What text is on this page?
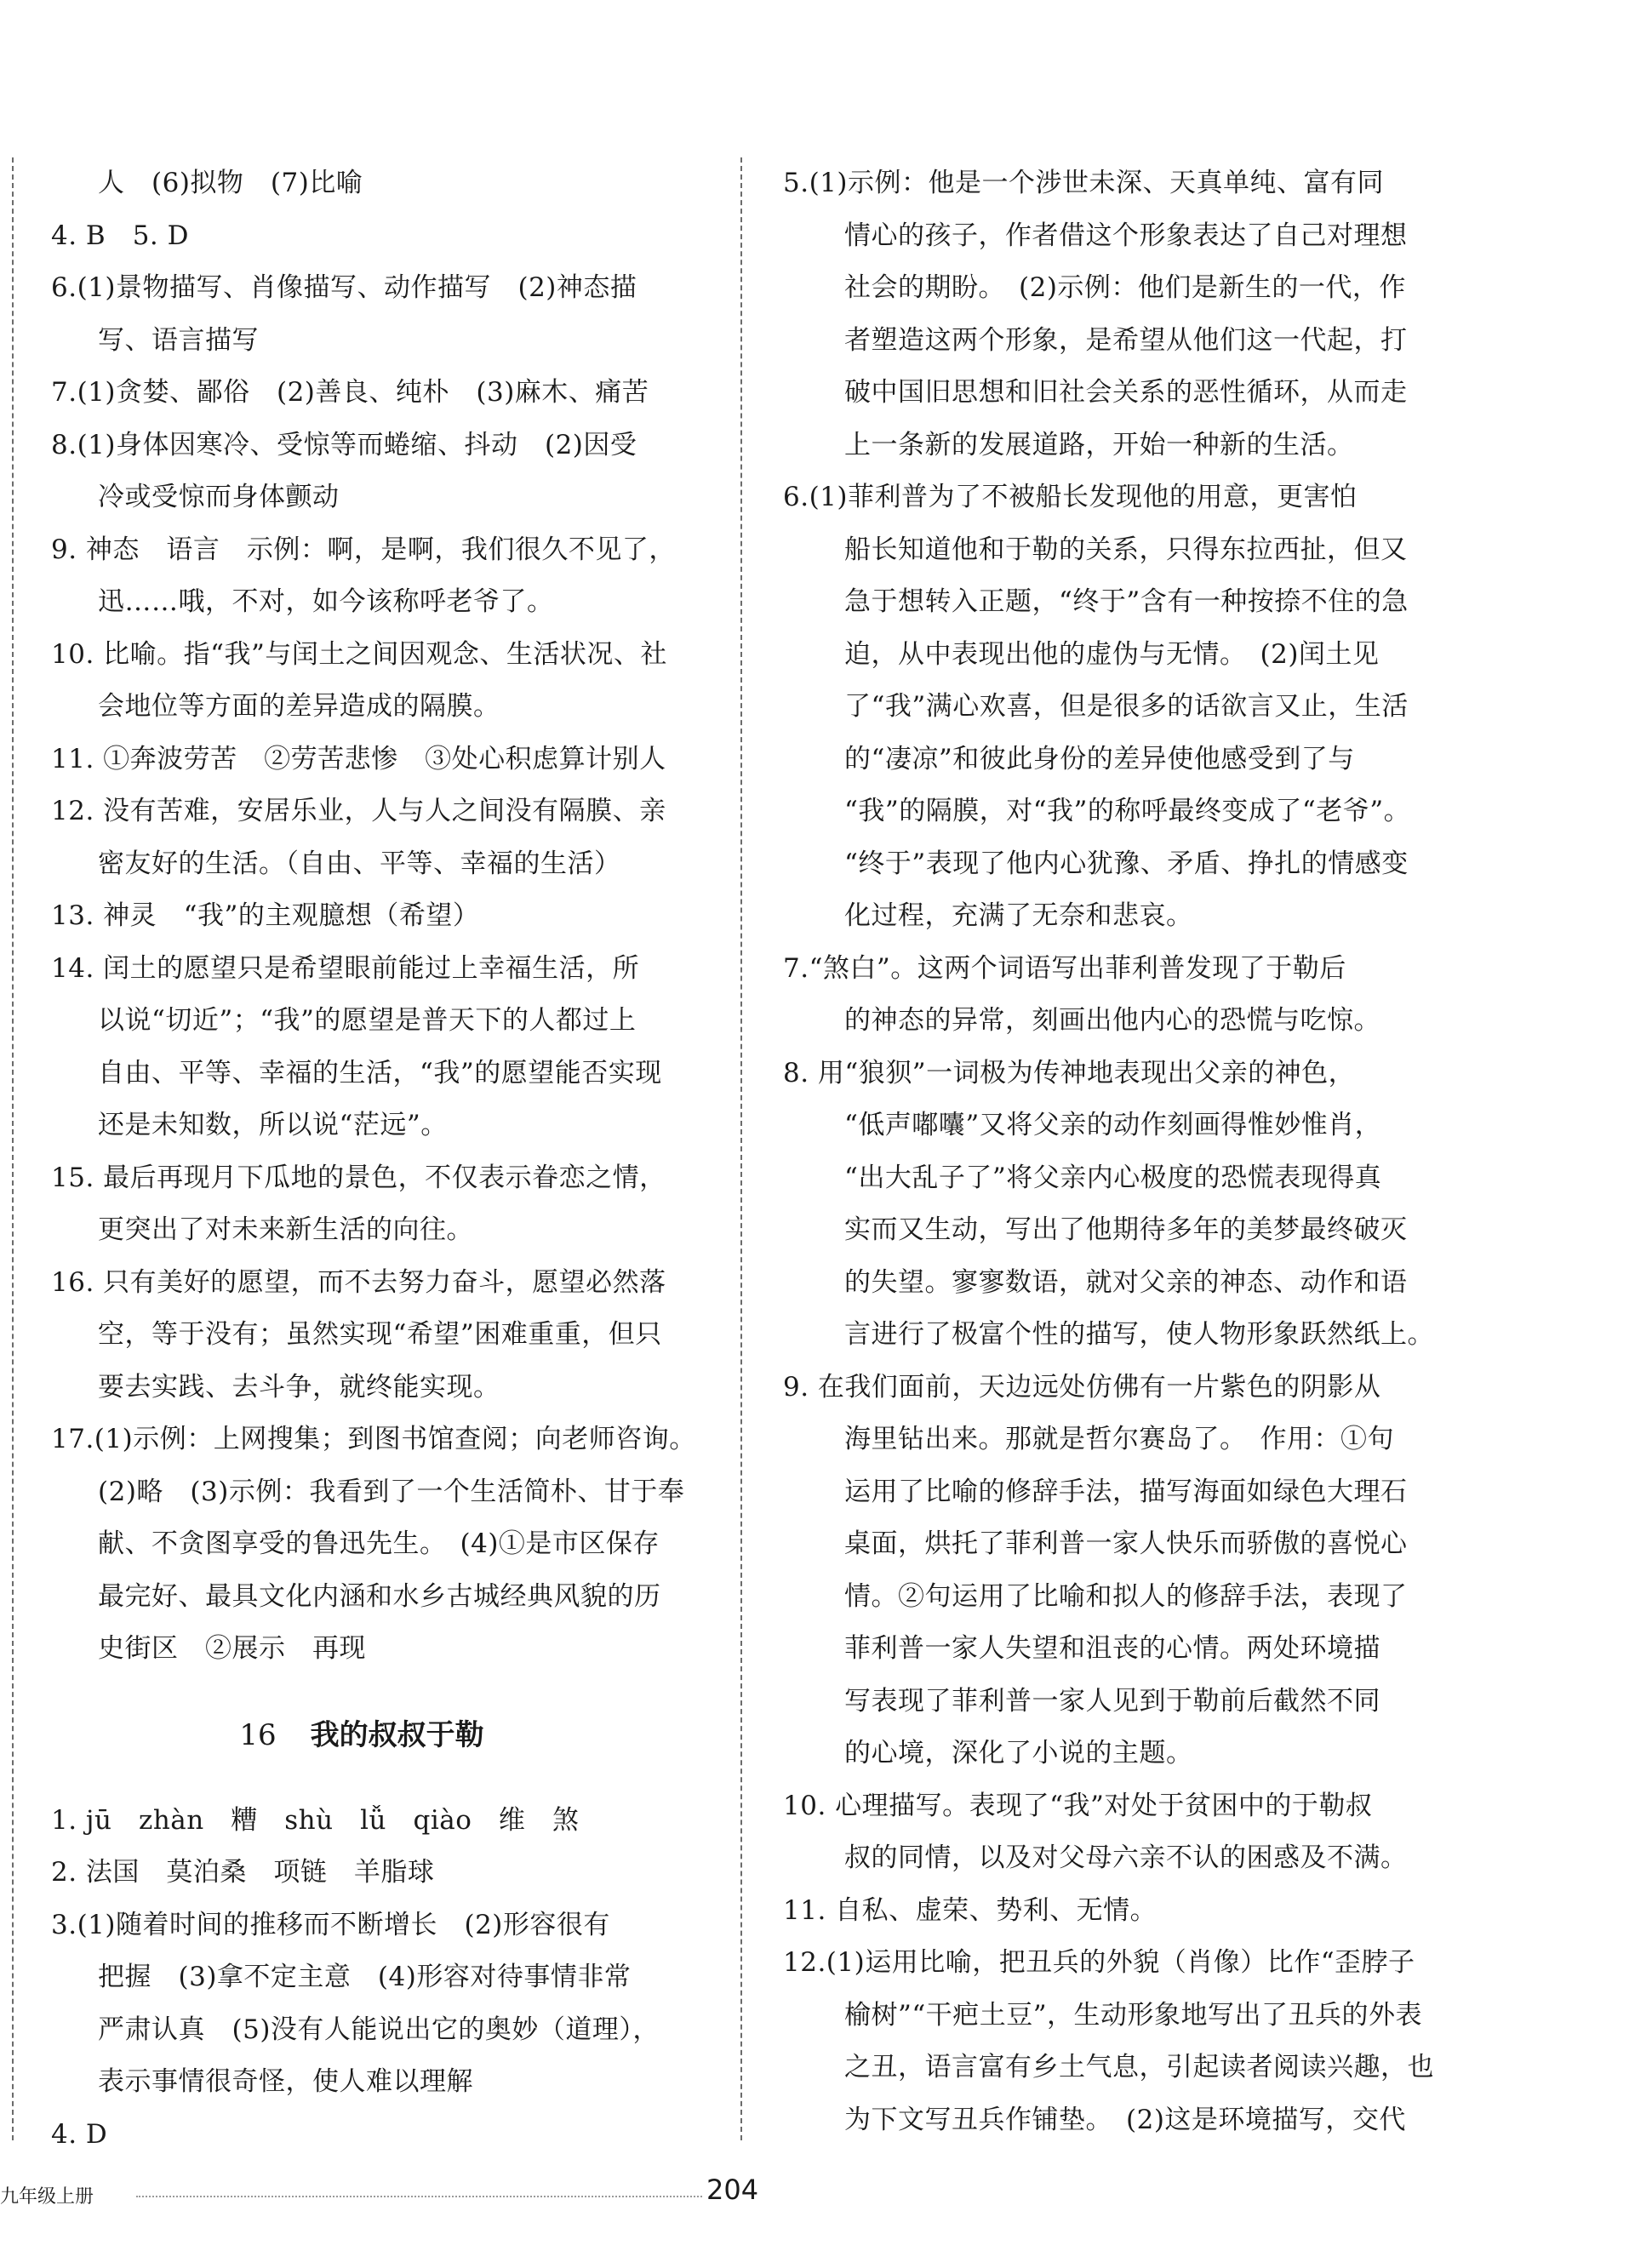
人　(6)拟物　(7)比喻
4. B　5. D
6.(1)景物描写、肖像描写、动作描写　(2)神态描
写、语言描写
7.(1)贪婪、鄙俗　(2)善良、纯朴　(3)麻木、痛苦
8.(1)身体因寒冷、受惊等而蜷缩、抖动　(2)因受
冷或受惊而身体颤动
9. 神态　语言　示例：啊，是啊，我们很久不见了，
迅……哦，不对，如今该称呼老爷了。
10. 比喻。指“我”与闰土之间因观念、生活状况、社
会地位等方面的差异造成的隔膜。
11. ①奔波劳苦　②劳苦悲惨　③处心积虑算计别人
12. 没有苦难，安居乐业，人与人之间没有隔膜、亲
密友好的生活。（自由、平等、幸福的生活）
13. 神灵　“我”的主观臆想（希望）
14. 闰土的愿望只是希望眼前能过上幸福生活，所
以说“切近”；“我”的愿望是普天下的人都过上
自由、平等、幸福的生活，“我”的愿望能否实现
还是未知数，所以说“茫远”。
15. 最后再现月下瓜地的景色，不仅表示眷恋之情，
更突出了对未来新生活的向往。
16. 只有美好的愿望，而不去努力奋斗，愿望必然落
空，等于没有；虽然实现“希望”困难重重，但只
要去实践、去斗争，就终能实现。
17.(1)示例：上网搜集；到图书馆查阅；向老师咨询。
(2)略　(3)示例：我看到了一个生活简朴、甘于奉
献、不贪图享受的鲁迅先生。　(4)①是市区保存
最完好、最具文化内涵和水乡古城经典风貌的历
史街区　②展示　再现
16 我的叔叔于勒
1. jū　zhàn　糟　shù　lǚ　qiào　维　煞
2. 法国　莫泊桑　项链　羊脂球
3.(1)随着时间的推移而不断增长　(2)形容很有
把握　(3)拿不定主意　(4)形容对待事情非常
严肃认真　(5)没有人能说出它的奥妙（道理），
表示事情很奇怪，使人难以理解
4. D
5.(1)示例：他是一个涉世未深、天真单纯、富有同
情心的孩子，作者借这个形象表达了自己对理想
社会的期盼。　(2)示例：他们是新生的一代，作
者塑造这两个形象，是希望从他们这一代起，打
破中国旧思想和旧社会关系的恶性循环，从而走
上一条新的发展道路，开始一种新的生活。
6.(1)菲利普为了不被船长发现他的用意，更害怕
船长知道他和于勒的关系，只得东拉西扯，但又
急于想转入正题，“终于”含有一种按捺不住的急
迫，从中表现出他的虚伪与无情。　(2)闰土见
了“我”满心欢喜，但是很多的话欲言又止，生活
的“凄凉”和彼此身份的差异使他感受到了与
“我”的隔膜，对“我”的称呼最终变成了“老爷”。
“终于”表现了他内心犹豫、矛盾、挣扎的情感变
化过程，充满了无奈和悲哀。
7.“煞白”。这两个词语写出菲利普发现了于勒后
的神态的异常，刻画出他内心的恐慌与吃惊。
8. 用“狼狈”一词极为传神地表现出父亲的神色，
“低声嘟囔”又将父亲的动作刻画得惟妙惟肖，
“出大乱子了”将父亲内心极度的恐慌表现得真
实而又生动，写出了他期待多年的美梦最终破灭
的失望。寥寥数语，就对父亲的神态、动作和语
言进行了极富个性的描写，使人物形象跃然纸上。
9. 在我们面前，天边远处仿佛有一片紫色的阴影从
海里钻出来。那就是哲尔赛岛了。　作用：①句
运用了比喻的修辞手法，描写海面如绿色大理石
桌面，烘托了菲利普一家人快乐而骄傲的喜悦心
情。②句运用了比喻和拟人的修辞手法，表现了
菲利普一家人失望和沮丧的心情。两处环境描
写表现了菲利普一家人见到于勒前后截然不同
的心境，深化了小说的主题。
10. 心理描写。表现了“我”对处于贫困中的于勒叔
叔的同情，以及对父母六亲不认的困惑及不满。
11. 自私、虚荣、势利、无情。
12.(1)运用比喻，把丑兵的外貌（肖像）比作“歪脖子
榆树”“干疤土豆”，生动形象地写出了丑兵的外表
之丑，语言富有乡土气息，引起读者阅读兴趣，也
为下文写丑兵作铺垫。　(2)这是环境描写，交代
九年级上册	204
